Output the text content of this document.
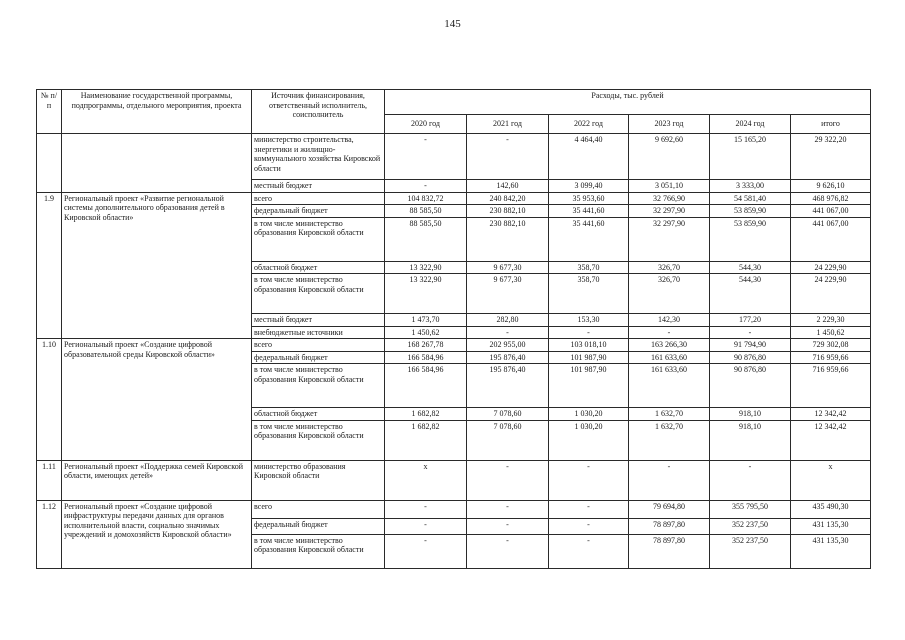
145
№ п/п	Наименование государственной программы, подпрограммы, отдельного мероприятия, проекта	Источник финансирования, ответственный исполнитель, соисполнитель	Расходы, тыс. рублей					
			2020 год	2021 год	2022 год	2023 год	2024 год	итого
		министерство строительства, энергетики и жилищно-коммунального хозяйства Кировской области	-	-	4 464,40	9 692,60	15 165,20	29 322,20
		местный бюджет	-	142,60	3 099,40	3 051,10	3 333,00	9 626,10
1.9	Региональный проект «Развитие региональной системы дополнительного образования детей в Кировской области»	всего	104 832,72	240 842,20	35 953,60	32 766,90	54 581,40	468 976,82
		федеральный бюджет	88 585,50	230 882,10	35 441,60	32 297,90	53 859,90	441 067,00
		в том числе министерство образования Кировской области	88 585,50	230 882,10	35 441,60	32 297,90	53 859,90	441 067,00
		областной бюджет	13 322,90	9 677,30	358,70	326,70	544,30	24 229,90
		в том числе министерство образования Кировской области	13 322,90	9 677,30	358,70	326,70	544,30	24 229,90
		местный бюджет	1 473,70	282,80	153,30	142,30	177,20	2 229,30
		внебюджетные источники	1 450,62	-	-	-	-	1 450,62
1.10	Региональный проект «Создание цифровой образовательной среды Кировской области»	всего	168 267,78	202 955,00	103 018,10	163 266,30	91 794,90	729 302,08
		федеральный бюджет	166 584,96	195 876,40	101 987,90	161 633,60	90 876,80	716 959,66
		в том числе министерство образования Кировской области	166 584,96	195 876,40	101 987,90	161 633,60	90 876,80	716 959,66
		областной бюджет	1 682,82	7 078,60	1 030,20	1 632,70	918,10	12 342,42
		в том числе министерство образования Кировской области	1 682,82	7 078,60	1 030,20	1 632,70	918,10	12 342,42
1.11	Региональный проект «Поддержка семей Кировской области, имеющих детей»	министерство образования Кировской области	x	-	-	-	-	x
1.12	Региональный проект «Создание цифровой инфраструктуры передачи данных для органов исполнительной власти, социально значимых учреждений и домохозяйств Кировской области»	всего	-	-	-	79 694,80	355 795,50	435 490,30
		федеральный бюджет	-	-	-	78 897,80	352 237,50	431 135,30
		в том числе министерство образования Кировской области	-	-	-	78 897,80	352 237,50	431 135,30
